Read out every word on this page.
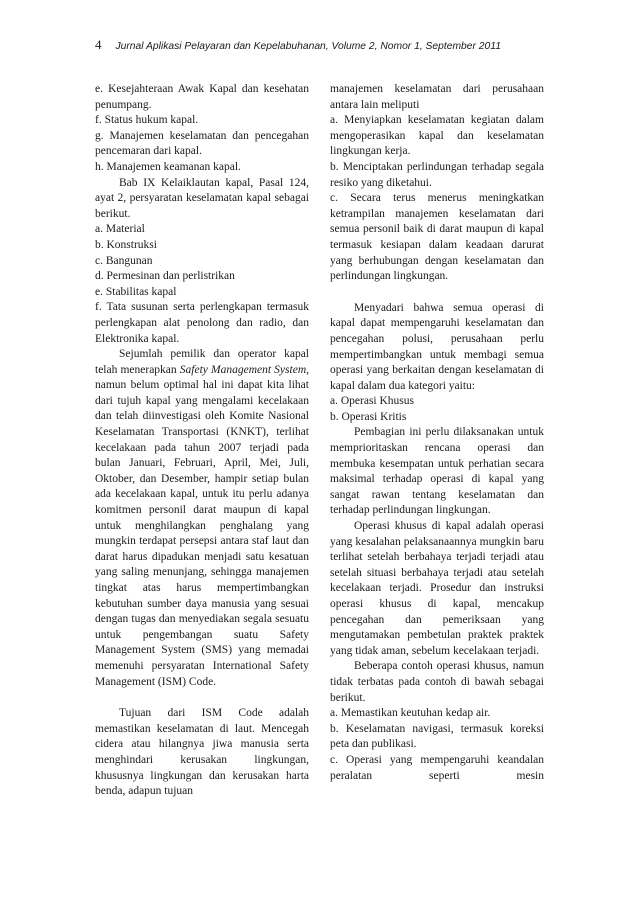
4 Jurnal Aplikasi Pelayaran dan Kepelabuhanan, Volume 2, Nomor 1, September 2011

e. Kesejahteraan Awak Kapal dan kesehatan penumpang.

f. Status hukum kapal.

g. Manajemen keselamatan dan pencegahan pencemaran dari kapal.

h. Manajemen keamanan kapal.

Bab IX Kelaiklautan kapal, Pasal 124, ayat 2, persyaratan keselamatan kapal sebagai berikut.

a. Material

b. Konstruksi

c. Bangunan

d. Permesinan dan perlistrikan

e. Stabilitas kapal

f. Tata susunan serta perlengkapan termasuk perlengkapan alat penolong dan radio, dan Elektronika kapal.

Sejumlah pemilik dan operator kapal telah menerapkan Safety Management System, namun belum optimal hal ini dapat kita lihat dari tujuh kapal yang mengalami kecelakaan dan telah diinvestigasi oleh Komite Nasional Keselamatan Transportasi (KNKT), terlihat kecelakaan pada tahun 2007 terjadi pada bulan Januari, Februari, April, Mei, Juli, Oktober, dan Desember, hampir setiap bulan ada kecelakaan kapal, untuk itu perlu adanya komitmen personil darat maupun di kapal untuk menghilangkan penghalang yang mungkin terdapat persepsi antara staf laut dan darat harus dipadukan menjadi satu kesatuan yang saling menunjang, sehingga manajemen tingkat atas harus mempertimbangkan kebutuhan sumber daya manusia yang sesuai dengan tugas dan menyediakan segala sesuatu untuk pengembangan suatu Safety Management System (SMS) yang memadai memenuhi persyaratan International Safety Management (ISM) Code.

Tujuan dari ISM Code adalah memastikan keselamatan di laut. Mencegah cidera atau hilangnya jiwa manusia serta menghindari kerusakan lingkungan, khususnya lingkungan dan kerusakan harta benda, adapun tujuan

manajemen keselamatan dari perusahaan antara lain meliputi

a. Menyiapkan keselamatan kegiatan dalam mengoperasikan kapal dan keselamatan lingkungan kerja.

b. Menciptakan perlindungan terhadap segala resiko yang diketahui.

c. Secara terus menerus meningkatkan ketrampilan manajemen keselamatan dari semua personil baik di darat maupun di kapal termasuk kesiapan dalam keadaan darurat yang berhubungan dengan keselamatan dan perlindungan lingkungan.

Menyadari bahwa semua operasi di kapal dapat mempengaruhi keselamatan dan pencegahan polusi, perusahaan perlu mempertimbangkan untuk membagi semua operasi yang berkaitan dengan keselamatan di kapal dalam dua kategori yaitu:

a. Operasi Khusus

b. Operasi Kritis

Pembagian ini perlu dilaksanakan untuk memprioritaskan rencana operasi dan membuka kesempatan untuk perhatian secara maksimal terhadap operasi di kapal yang sangat rawan tentang keselamatan dan terhadap perlindungan lingkungan.

Operasi khusus di kapal adalah operasi yang kesalahan pelaksanaannya mungkin baru terlihat setelah berbahaya terjadi terjadi atau setelah situasi berbahaya terjadi atau setelah kecelakaan terjadi. Prosedur dan instruksi operasi khusus di kapal, mencakup pencegahan dan pemeriksaan yang mengutamakan pembetulan praktek praktek yang tidak aman, sebelum kecelakaan terjadi.

Beberapa contoh operasi khusus, namun tidak terbatas pada contoh di bawah sebagai berikut.

a. Memastikan keutuhan kedap air.

b. Keselamatan navigasi, termasuk koreksi peta dan publikasi.

c. Operasi yang mempengaruhi keandalan peralatan seperti mesin
